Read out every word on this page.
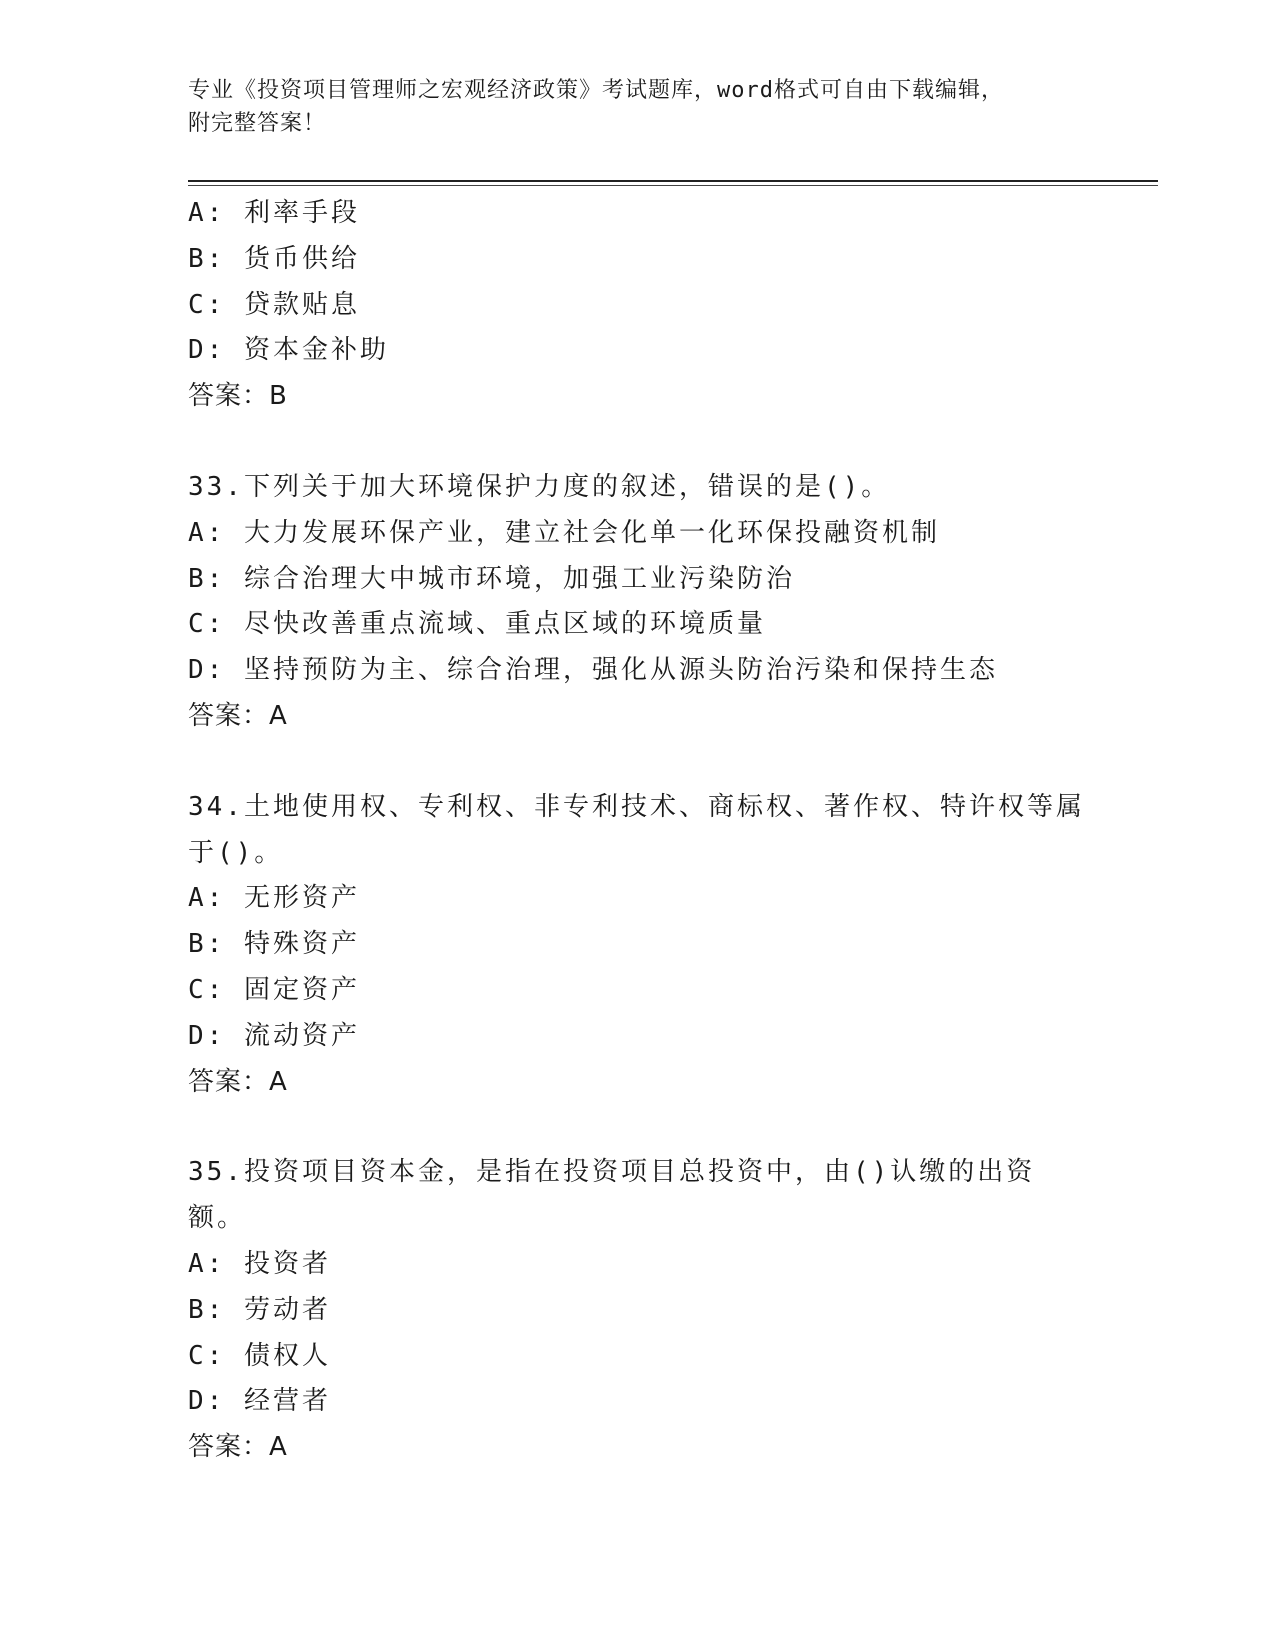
专业《投资项目管理师之宏观经济政策》考试题库，word格式可自由下载编辑，
附完整答案！
A: 利率手段
B: 货币供给
C: 贷款贴息
D: 资本金补助
答案：B
33.下列关于加大环境保护力度的叙述，错误的是()。
A: 大力发展环保产业，建立社会化单一化环保投融资机制
B: 综合治理大中城市环境，加强工业污染防治
C: 尽快改善重点流域、重点区域的环境质量
D: 坚持预防为主、综合治理，强化从源头防治污染和保持生态
答案：A
34.土地使用权、专利权、非专利技术、商标权、著作权、特许权等属
于()。
A: 无形资产
B: 特殊资产
C: 固定资产
D: 流动资产
答案：A
35.投资项目资本金，是指在投资项目总投资中，由()认缴的出资额。
A: 投资者
B: 劳动者
C: 债权人
D: 经营者
答案：A
